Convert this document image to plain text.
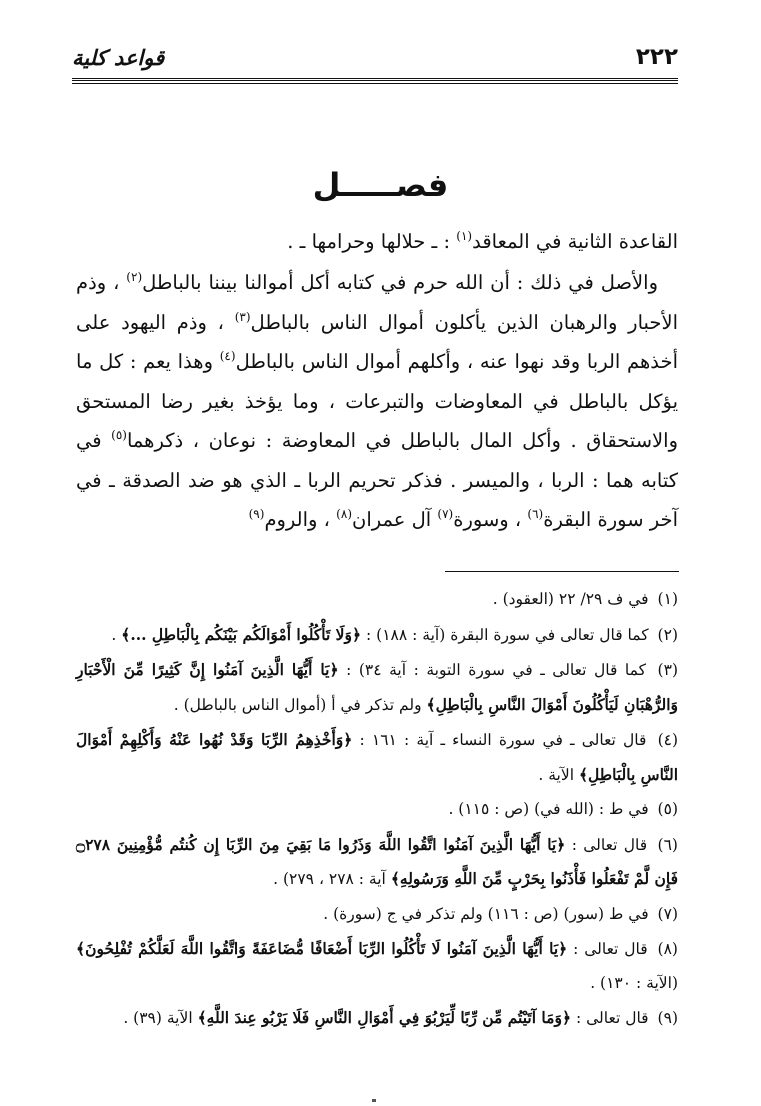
قواعد كلية	٢٢٢
فصـــــل
القاعدة الثانية في المعاقد$^{(١)}$ : ـ حلالها وحرامها ـ .

والأصل في ذلك : أن الله حرم في كتابه أكل أموالنا بيننا بالباطل$^{(٢)}$ ، وذم الأحبار والرهبان الذين يأكلون أموال الناس بالباطل$^{(٣)}$ ، وذم اليهود على أخذهم الربا وقد نهوا عنه ، وأكلهم أموال الناس بالباطل$^{(٤)}$ وهذا يعم : كل ما يؤكل بالباطل في المعاوضات والتبرعات ، وما يؤخذ بغير رضا المستحق والاستحقاق . وأكل المال بالباطل في المعاوضة : نوعان ، ذكرهما$^{(٥)}$ في كتابه هما : الربا ، والميسر . فذكر تحريم الربا ـ الذي هو ضد الصدقة ـ في آخر سورة البقرة$^{(٦)}$ ، وسورة$^{(٧)}$ آل عمران$^{(٨)}$ ، والروم$^{(٩)}$

(١) في ف ٢٩/ ٢٢ (العقود) .

(٢) كما قال تعالى في سورة البقرة (آية : ١٨٨) : ﴿وَلَا تَأْكُلُوا أَمْوَالَكُم بَيْنَكُم بِالْبَاطِلِ ...﴾ .

(٣) كما قال تعالى ـ في سورة التوبة : آية ٣٤) : ﴿يَا أَيُّهَا الَّذِينَ آمَنُوا إِنَّ كَثِيرًا مِّنَ الْأَحْبَارِ وَالرُّهْبَانِ لَيَأْكُلُونَ أَمْوَالَ النَّاسِ بِالْبَاطِلِ﴾ ولم تذكر في أ (أموال الناس بالباطل) .

(٤) قال تعالى ـ في سورة النساء ـ آية : ١٦١ : ﴿وَأَخْذِهِمُ الرِّبَا وَقَدْ نُهُوا عَنْهُ وَأَكْلِهِمْ أَمْوَالَ النَّاسِ بِالْبَاطِلِ﴾ الآية .

(٥) في ط : (الله في) (ص : ١١٥) .

(٦) قال تعالى : ﴿يَا أَيُّهَا الَّذِينَ آمَنُوا اتَّقُوا اللَّهَ وَذَرُوا مَا بَقِيَ مِنَ الرِّبَا إِن كُنتُم مُّؤْمِنِينَ ۝٢٧٨ فَإِن لَّمْ تَفْعَلُوا فَأْذَنُوا بِحَرْبٍ مِّنَ اللَّهِ وَرَسُولِهِ﴾ آية : ٢٧٨ ، ٢٧٩) .

(٧) في ط (سور) (ص : ١١٦) ولم تذكر في ج (سورة) .

(٨) قال تعالى : ﴿يَا أَيُّهَا الَّذِينَ آمَنُوا لَا تَأْكُلُوا الرِّبَا أَضْعَافًا مُّضَاعَفَةً وَاتَّقُوا اللَّهَ لَعَلَّكُمْ تُفْلِحُونَ﴾ (الآية : ١٣٠) .

(٩) قال تعالى : ﴿وَمَا آتَيْتُم مِّن رِّبًا لِّيَرْبُوَ فِي أَمْوَالِ النَّاسِ فَلَا يَرْبُو عِندَ اللَّهِ﴾ الآية (٣٩) .
